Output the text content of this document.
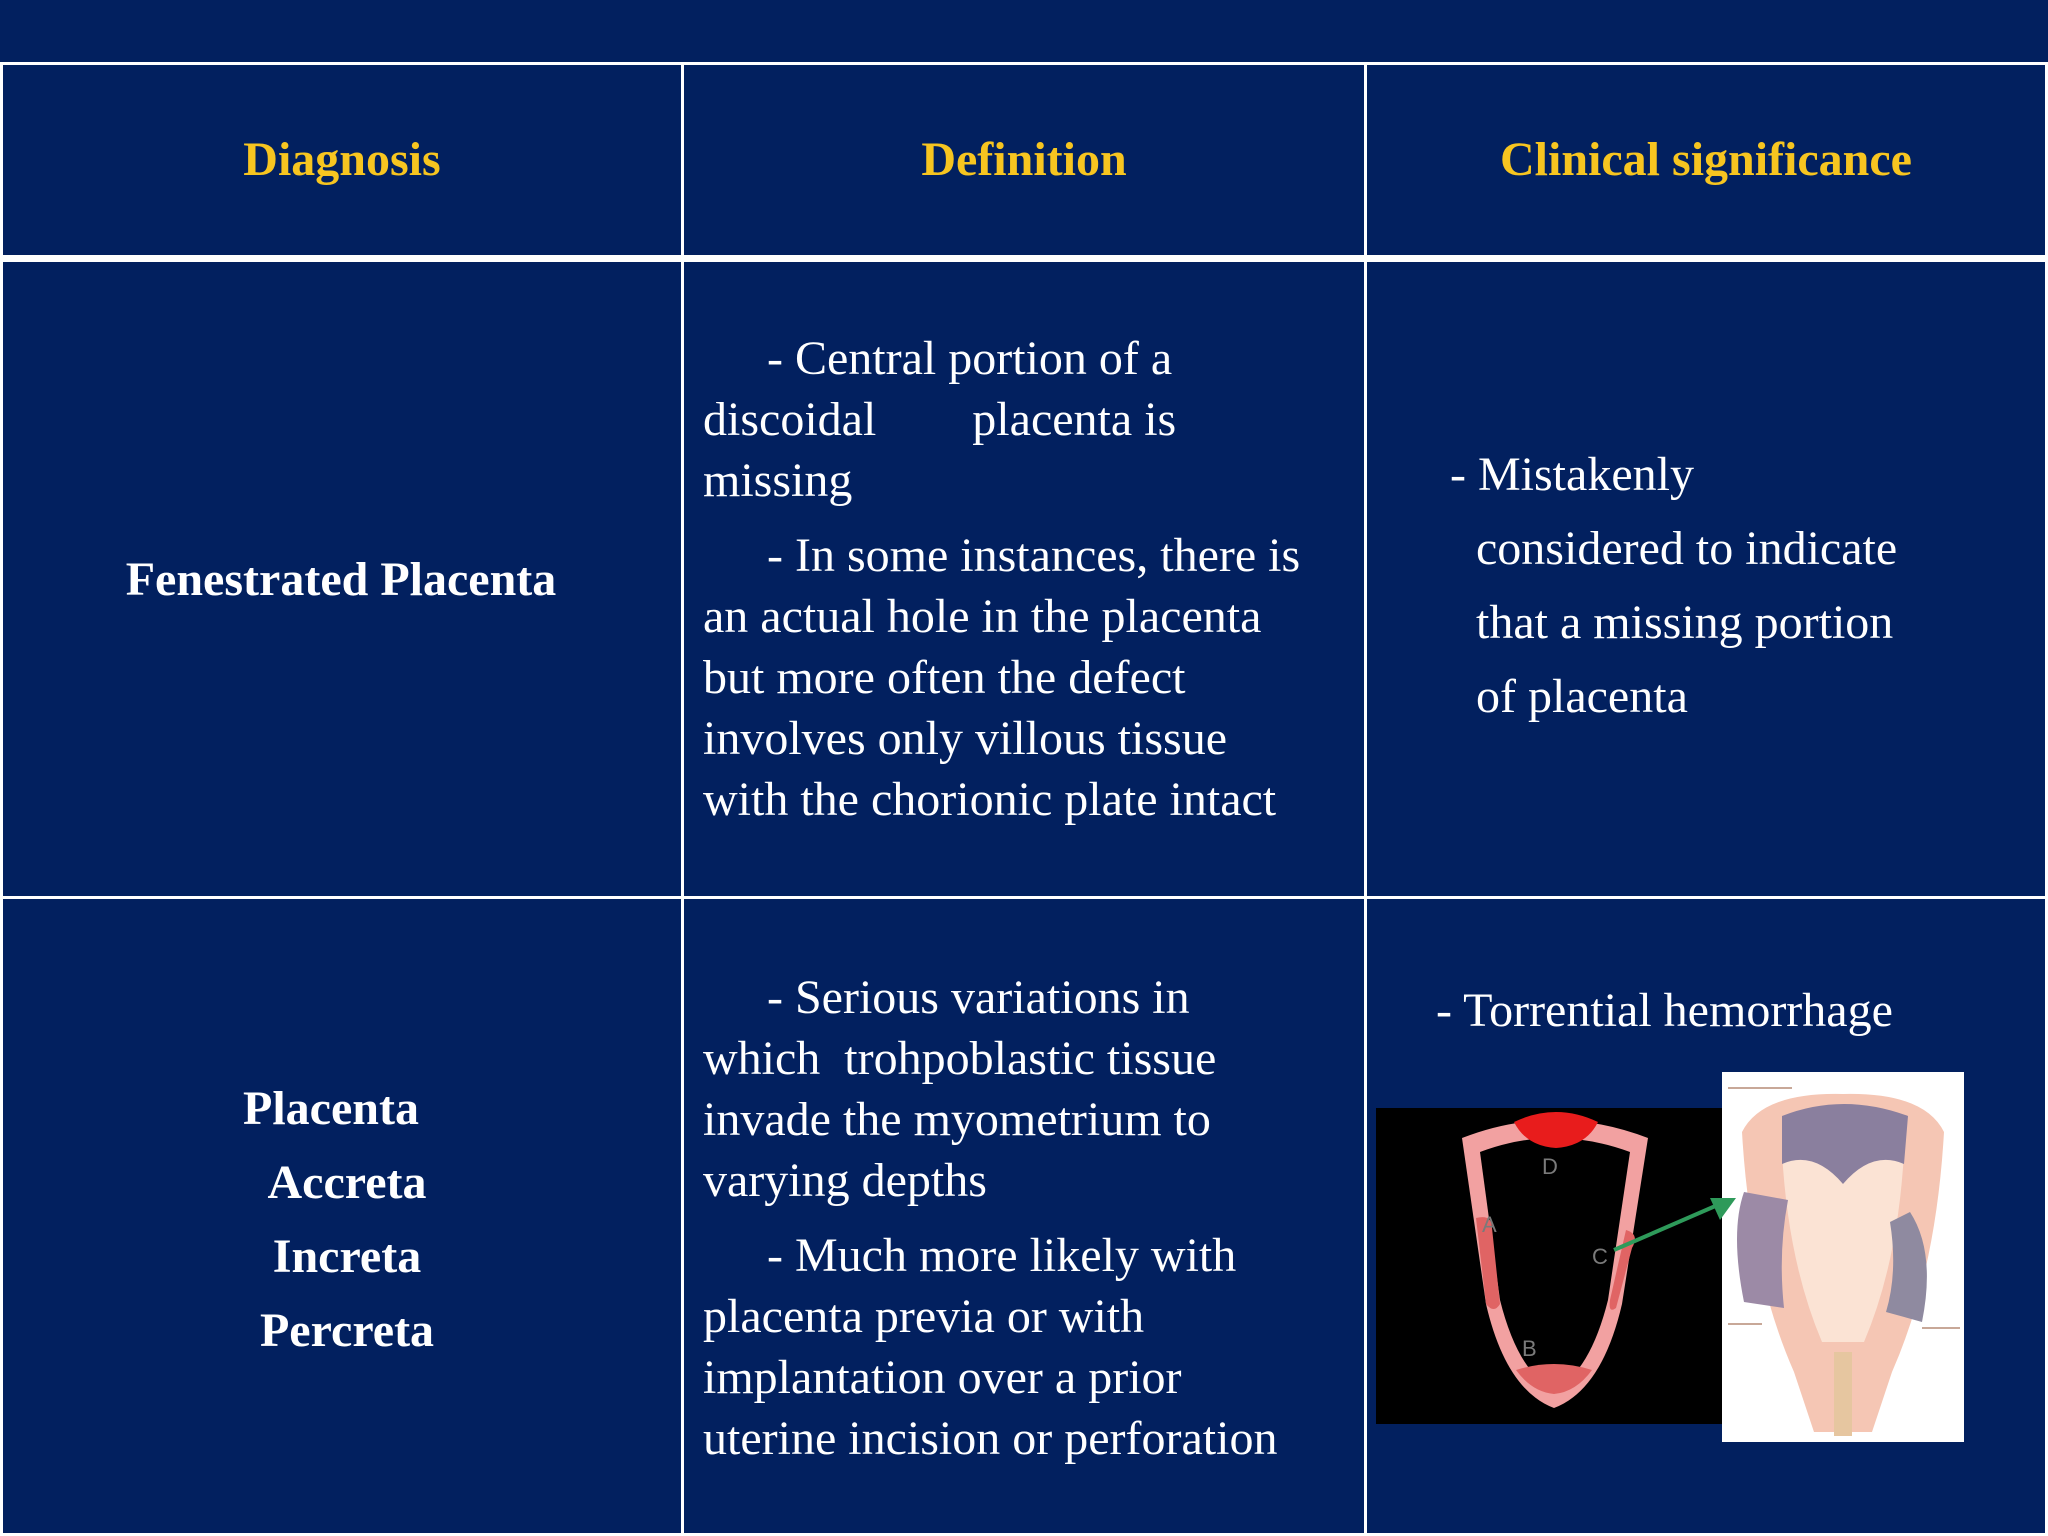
Diagnosis	Definition	Clinical significance
Fenestrated Placenta

- Central portion of a
discoidal        placenta is
missing

- In some instances, there is
an actual hole in the placenta
but more often the defect
involves only villous tissue
with the chorionic plate intact

- Mistakenly
considered to indicate
that a missing portion
of placenta
Placenta
Accreta
Increta
Percreta

- Serious variations in
which  trohpoblastic tissue
invade the myometrium to
varying depths

- Much more likely with
placenta previa or with
implantation over a prior
uterine incision or perforation

- Torrential hemorrhage
D
A
C
B
